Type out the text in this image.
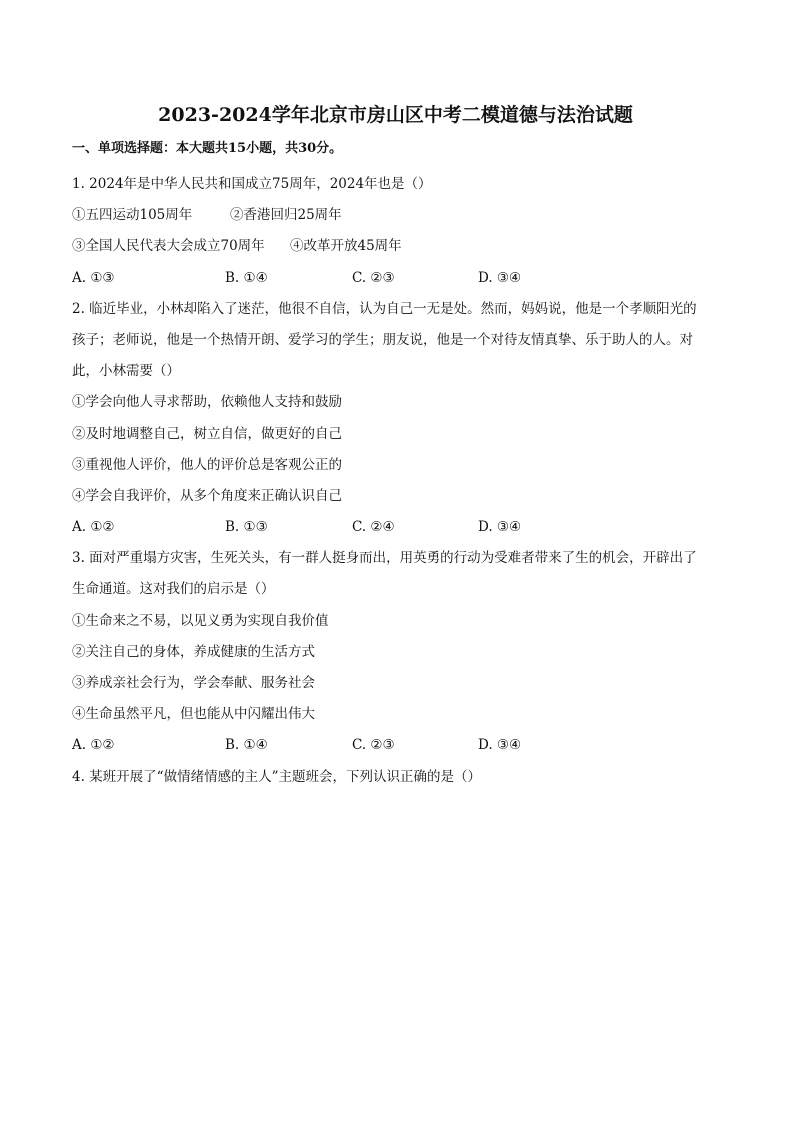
2023-2024学年北京市房山区中考二模道德与法治试题
一、单项选择题：本大题共15小题，共30分。
1. 2024年是中华人民共和国成立75周年，2024年也是（）
①五四运动105周年	②香港回归25周年
③全国人民代表大会成立70周年 ④改革开放45周年
A. ①③	B. ①④	C. ②③	D. ③④
2. 临近毕业，小林却陷入了迷茫，他很不自信，认为自己一无是处。然而，妈妈说，他是一个孝顺阳光的
孩子；老师说，他是一个热情开朗、爱学习的学生；朋友说，他是一个对待友情真挚、乐于助人的人。对
此，小林需要（）
①学会向他人寻求帮助，依赖他人支持和鼓励
②及时地调整自己，树立自信，做更好的自己
③重视他人评价，他人的评价总是客观公正的
④学会自我评价，从多个角度来正确认识自己
A. ①②	B. ①③	C. ②④	D. ③④
3. 面对严重塌方灾害，生死关头，有一群人挺身而出，用英勇的行动为受难者带来了生的机会，开辟出了
生命通道。这对我们的启示是（）
①生命来之不易，以见义勇为实现自我价值
②关注自己的身体，养成健康的生活方式
③养成亲社会行为，学会奉献、服务社会
④生命虽然平凡，但也能从中闪耀出伟大
A. ①②	B. ①④	C. ②③	D. ③④
4. 某班开展了“做情绪情感的主人”主题班会，下列认识正确的是（）
